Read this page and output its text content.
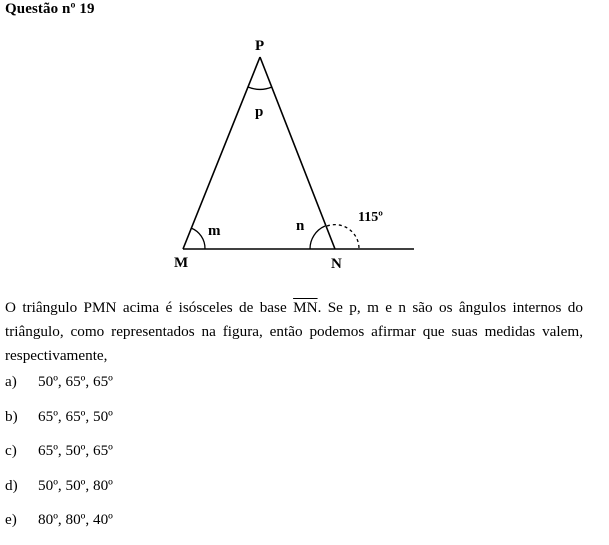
Questão nº 19
P
M	N
p
m	n
115º
O triângulo PMN acima é isósceles de base $\overline{MN}$. Se p, m e n são os ângulos internos do triângulo, como representados na figura, então podemos afirmar que suas medidas valem, respectivamente,
a) 50º, 65º, 65º
b) 65º, 65º, 50º
c) 65º, 50º, 65º
d) 50º, 50º, 80º
e) 80º, 80º, 40º
